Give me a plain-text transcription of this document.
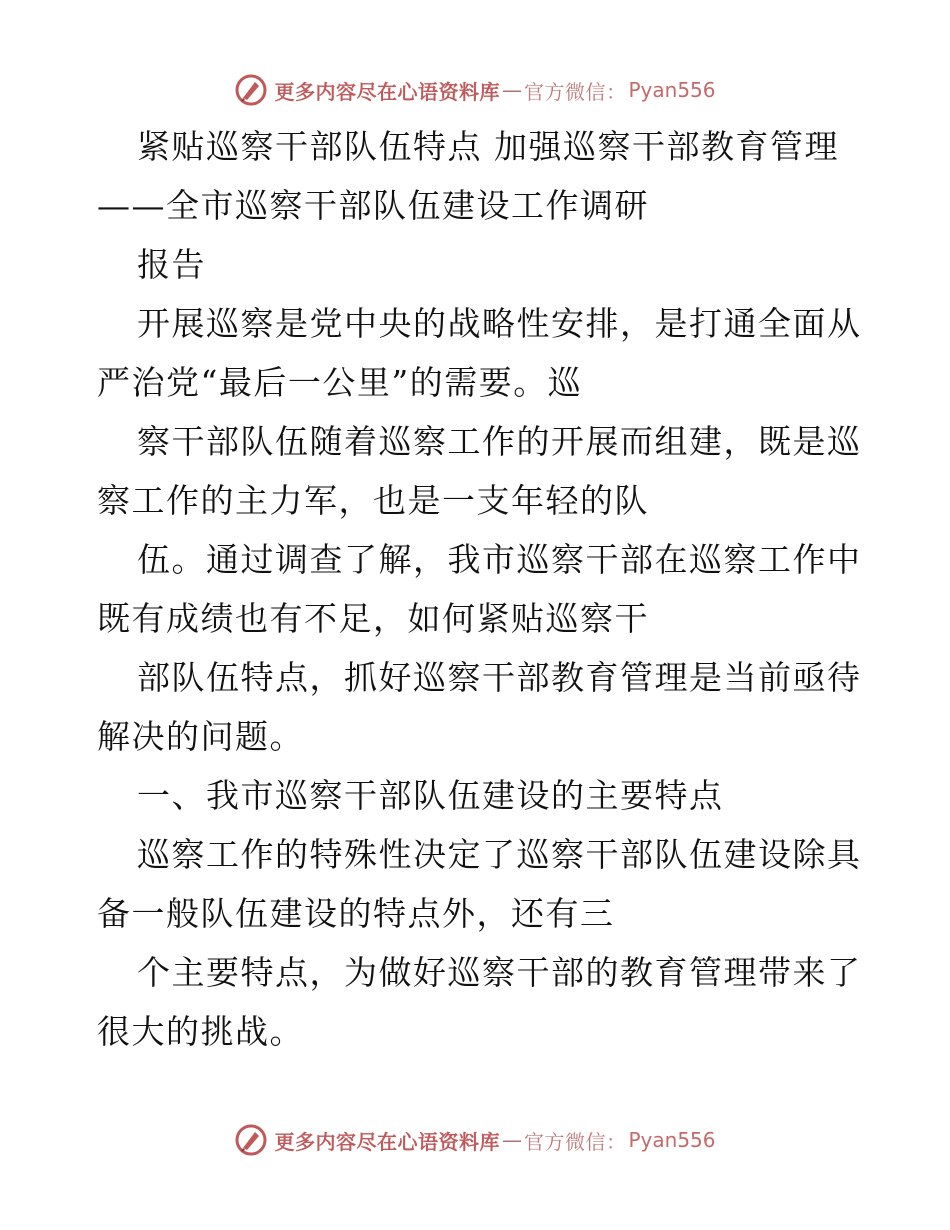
更多内容尽在心语资料库 — 官方微信： Pyan556
紧贴巡察干部队伍特点 加强巡察干部教育管理
——全市巡察干部队伍建设工作调研
报告
开展巡察是党中央的战略性安排，是打通全面从
严治党“最后一公里”的需要。巡
察干部队伍随着巡察工作的开展而组建，既是巡
察工作的主力军，也是一支年轻的队
伍。通过调查了解，我市巡察干部在巡察工作中
既有成绩也有不足，如何紧贴巡察干
部队伍特点，抓好巡察干部教育管理是当前亟待
解决的问题。
一、我市巡察干部队伍建设的主要特点
巡察工作的特殊性决定了巡察干部队伍建设除具
备一般队伍建设的特点外，还有三
个主要特点，为做好巡察干部的教育管理带来了
很大的挑战。
更多内容尽在心语资料库 — 官方微信： Pyan556
